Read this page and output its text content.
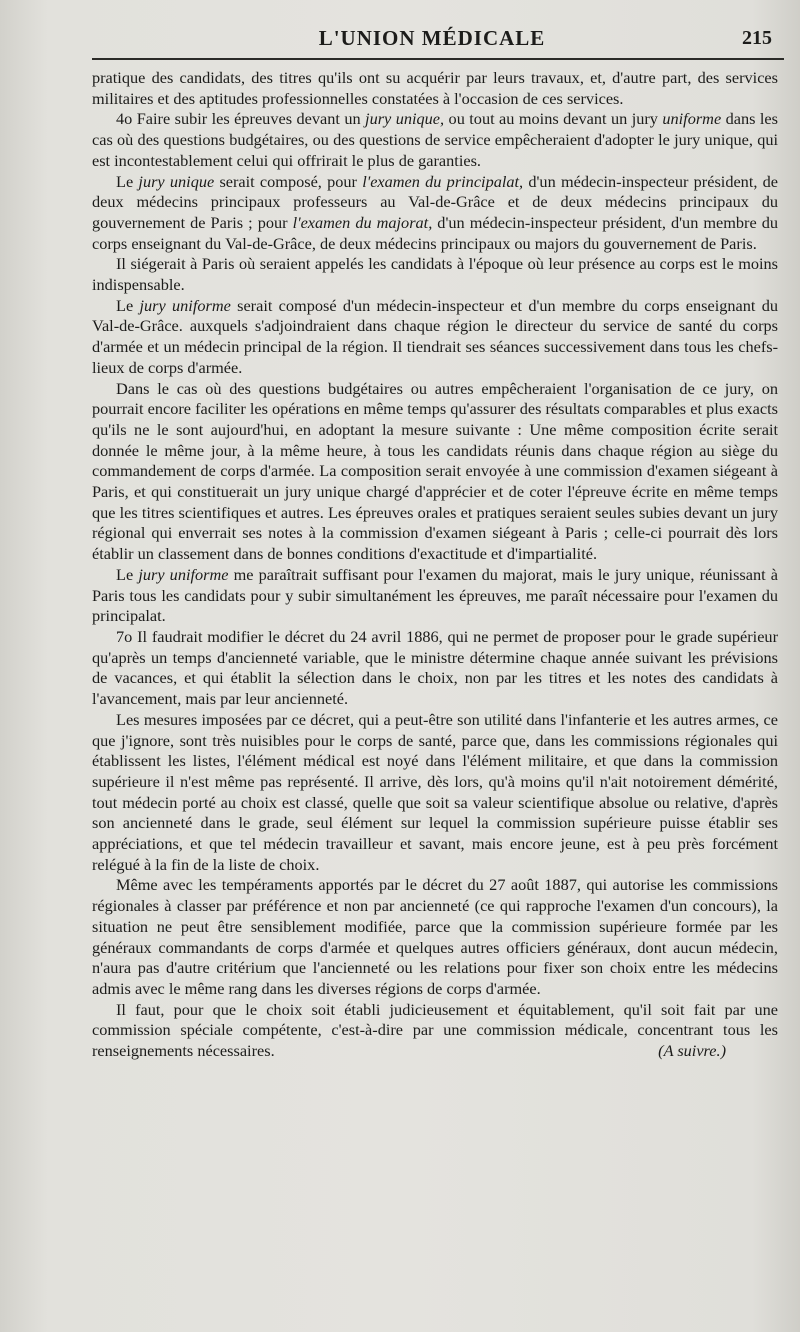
L'UNION MÉDICALE	215

pratique des candidats, des titres qu'ils ont su acquérir par leurs travaux, et, d'autre part, des services militaires et des aptitudes professionnelles constatées à l'occasion de ces services.

4o Faire subir les épreuves devant un jury unique, ou tout au moins devant un jury uniforme dans les cas où des questions budgétaires, ou des questions de service empêcheraient d'adopter le jury unique, qui est incontestablement celui qui offrirait le plus de garanties.

Le jury unique serait composé, pour l'examen du principalat, d'un médecin-inspecteur président, de deux médecins principaux professeurs au Val-de-Grâce et de deux médecins principaux du gouvernement de Paris ; pour l'examen du majorat, d'un médecin-inspecteur président, d'un membre du corps enseignant du Val-de-Grâce, de deux médecins principaux ou majors du gouvernement de Paris.

Il siégerait à Paris où seraient appelés les candidats à l'époque où leur présence au corps est le moins indispensable.

Le jury uniforme serait composé d'un médecin-inspecteur et d'un membre du corps enseignant du Val-de-Grâce. auxquels s'adjoindraient dans chaque région le directeur du service de santé du corps d'armée et un médecin principal de la région. Il tiendrait ses séances successivement dans tous les chefs-lieux de corps d'armée.

Dans le cas où des questions budgétaires ou autres empêcheraient l'organisation de ce jury, on pourrait encore faciliter les opérations en même temps qu'assurer des résultats comparables et plus exacts qu'ils ne le sont aujourd'hui, en adoptant la mesure suivante : Une même composition écrite serait donnée le même jour, à la même heure, à tous les candidats réunis dans chaque région au siège du commandement de corps d'armée. La composition serait envoyée à une commission d'examen siégeant à Paris, et qui constituerait un jury unique chargé d'apprécier et de coter l'épreuve écrite en même temps que les titres scientifiques et autres. Les épreuves orales et pratiques seraient seules subies devant un jury régional qui enverrait ses notes à la commission d'examen siégeant à Paris ; celle-ci pourrait dès lors établir un classement dans de bonnes conditions d'exactitude et d'impartialité.

Le jury uniforme me paraîtrait suffisant pour l'examen du majorat, mais le jury unique, réunissant à Paris tous les candidats pour y subir simultanément les épreuves, me paraît nécessaire pour l'examen du principalat.

7o Il faudrait modifier le décret du 24 avril 1886, qui ne permet de proposer pour le grade supérieur qu'après un temps d'ancienneté variable, que le ministre détermine chaque année suivant les prévisions de vacances, et qui établit la sélection dans le choix, non par les titres et les notes des candidats à l'avancement, mais par leur ancienneté.

Les mesures imposées par ce décret, qui a peut-être son utilité dans l'infanterie et les autres armes, ce que j'ignore, sont très nuisibles pour le corps de santé, parce que, dans les commissions régionales qui établissent les listes, l'élément médical est noyé dans l'élément militaire, et que dans la commission supérieure il n'est même pas représenté. Il arrive, dès lors, qu'à moins qu'il n'ait notoirement démérité, tout médecin porté au choix est classé, quelle que soit sa valeur scientifique absolue ou relative, d'après son ancienneté dans le grade, seul élément sur lequel la commission supérieure puisse établir ses appréciations, et que tel médecin travailleur et savant, mais encore jeune, est à peu près forcément relégué à la fin de la liste de choix.

Même avec les tempéraments apportés par le décret du 27 août 1887, qui autorise les commissions régionales à classer par préférence et non par ancienneté (ce qui rapproche l'examen d'un concours), la situation ne peut être sensiblement modifiée, parce que la commission supérieure formée par les généraux commandants de corps d'armée et quelques autres officiers généraux, dont aucun médecin, n'aura pas d'autre critérium que l'ancienneté ou les relations pour fixer son choix entre les médecins admis avec le même rang dans les diverses régions de corps d'armée.

Il faut, pour que le choix soit établi judicieusement et équitablement, qu'il soit fait par une commission spéciale compétente, c'est-à-dire par une commission médicale, concentrant tous les renseignements nécessaires.	(A suivre.)
